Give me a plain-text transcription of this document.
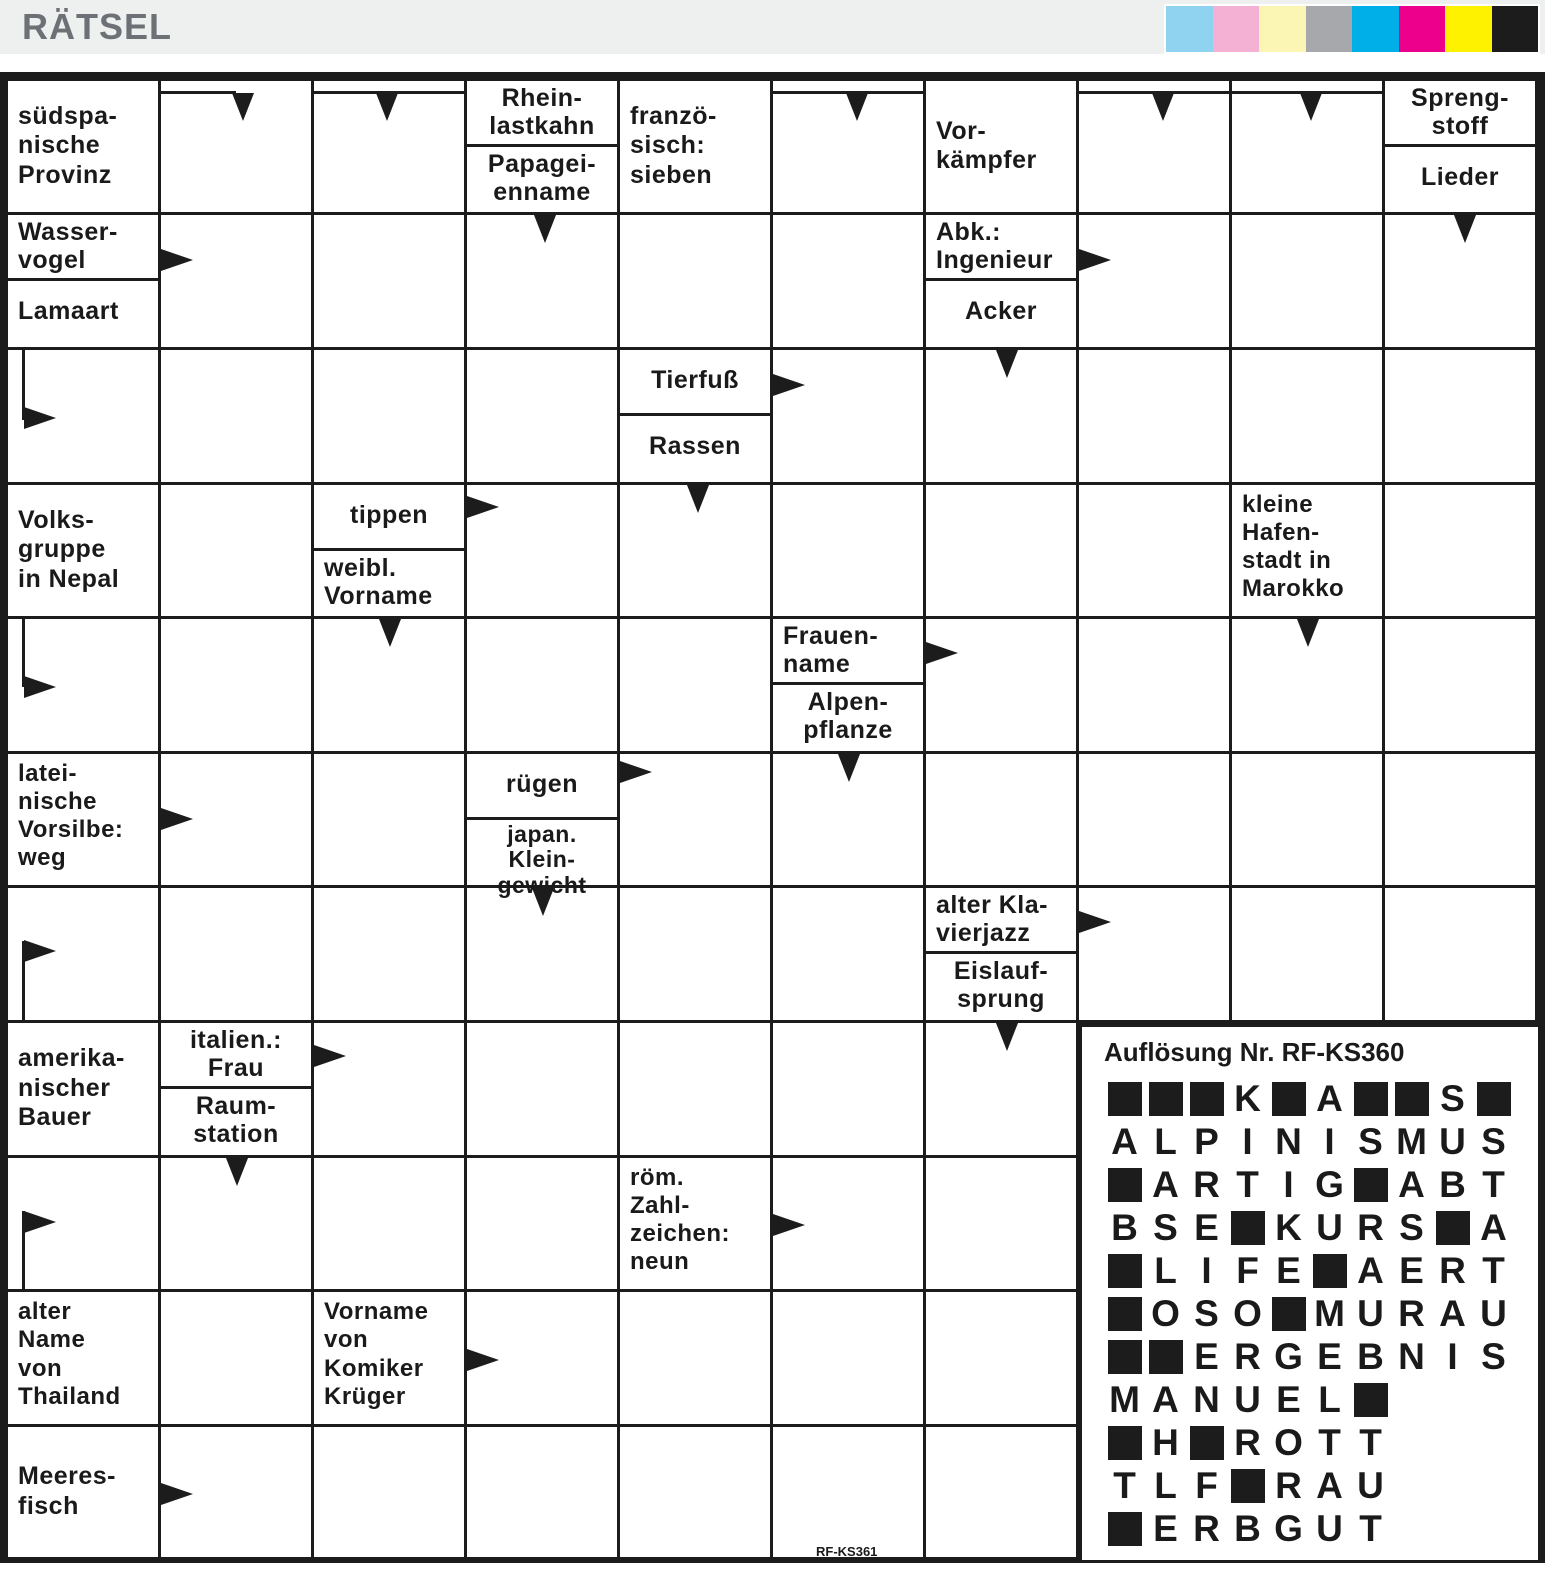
RÄTSEL
südspa-
nische
Provinz
Rhein-
lastkahn
Papagei-
enname
franzö-
sisch:
sieben
Vor-
kämpfer
Spreng-
stoff
Lieder
Wasser-
vogel
Lamaart
Abk.:
Ingenieur
Acker
Tierfuß
Rassen
Volks-
gruppe
in Nepal
tippen
weibl.
Vorname
kleine
Hafen-
stadt in
Marokko
Frauen-
name
Alpen-
pflanze
latei-
nische
Vorsilbe:
weg
rügen
japan.
Klein-
gewicht
alter Kla-
vierjazz
Eislauf-
sprung
amerika-
nischer
Bauer
italien.:
Frau
Raum-
station
röm.
Zahl-
zeichen:
neun
alter
Name
von
Thailand
Vorname
von
Komiker
Krüger
Meeres-
fisch
Auflösung Nr. RF-KS360
K A	S
A L P I N I S M U S
A R T I G A B T
B S E K U R S A
L I F E A E R T
O S O M U R A U
E R G E B N I S
M A N U E L
H R O T T
T L F R A U
E R B G U T
RF-KS361
